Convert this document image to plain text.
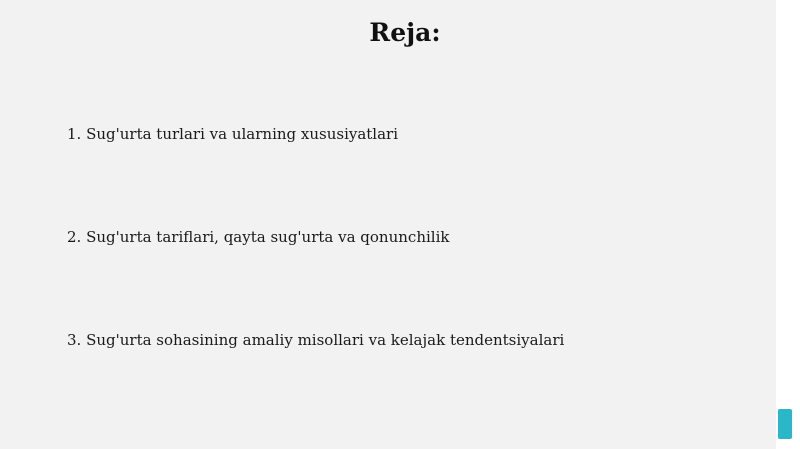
Reja:
1. Sug'urta turlari va ularning xususiyatlari
2. Sug'urta tariflari, qayta sug'urta va qonunchilik
3. Sug'urta sohasining amaliy misollari va kelajak tendentsiyalari
